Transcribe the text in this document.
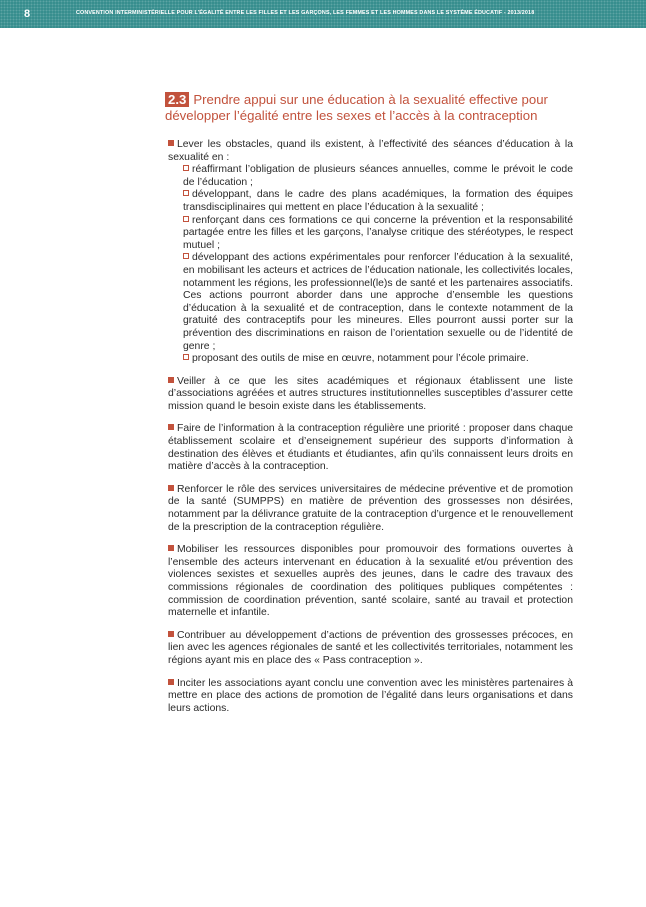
8	CONVENTION INTERMINISTÉRIELLE POUR L’ÉGALITÉ ENTRE LES FILLES ET LES GARÇONS, LES FEMMES ET LES HOMMES DANS LE SYSTÈME ÉDUCATIF - 2013/2018
2.3 Prendre appui sur une éducation à la sexualité effective pour développer l’égalité entre les sexes et l’accès à la contraception
Lever les obstacles, quand ils existent, à l’effectivité des séances d’éducation à la sexualité en :
réaffirmant l’obligation de plusieurs séances annuelles, comme le prévoit le code de l’éducation ;
développant, dans le cadre des plans académiques, la formation des équipes transdisciplinaires qui mettent en place l’éducation à la sexualité ;
renforçant dans ces formations ce qui concerne la prévention et la responsabilité partagée entre les filles et les garçons, l’analyse critique des stéréotypes, le respect mutuel ;
développant des actions expérimentales pour renforcer l’éducation à la sexualité, en mobilisant les acteurs et actrices de l’éducation nationale, les collectivités locales, notamment les régions, les professionnel(le)s de santé et les partenaires associatifs. Ces actions pourront aborder dans une approche d’ensemble les questions d’éducation à la sexualité et de contraception, dans le contexte notamment de la gratuité des contraceptifs pour les mineures. Elles pourront aussi porter sur la prévention des discriminations en raison de l’orientation sexuelle ou de l’identité de genre ;
proposant des outils de mise en œuvre, notamment pour l’école primaire.
Veiller à ce que les sites académiques et régionaux établissent une liste d’associations agréées et autres structures institutionnelles susceptibles d’assurer cette mission quand le besoin existe dans les établissements.
Faire de l’information à la contraception régulière une priorité : proposer dans chaque établissement scolaire et d’enseignement supérieur des supports d’information à destination des élèves et étudiants et étudiantes, afin qu’ils connaissent leurs droits en matière d’accès à la contraception.
Renforcer le rôle des services universitaires de médecine préventive et de promotion de la santé (SUMPPS) en matière de prévention des grossesses non désirées, notamment par la délivrance gratuite de la contraception d’urgence et le renouvellement de la prescription de la contraception régulière.
Mobiliser les ressources disponibles pour promouvoir des formations ouvertes à l’ensemble des acteurs intervenant en éducation à la sexualité et/ou prévention des violences sexistes et sexuelles auprès des jeunes, dans le cadre des travaux des commissions régionales de coordination des politiques publiques compétentes : commission de coordination prévention, santé scolaire, santé au travail et protection maternelle et infantile.
Contribuer au développement d’actions de prévention des grossesses précoces, en lien avec les agences régionales de santé et les collectivités territoriales, notamment les régions ayant mis en place des « Pass contraception ».
Inciter les associations ayant conclu une convention avec les ministères partenaires à mettre en place des actions de promotion de l’égalité dans leurs organisations et dans leurs actions.
